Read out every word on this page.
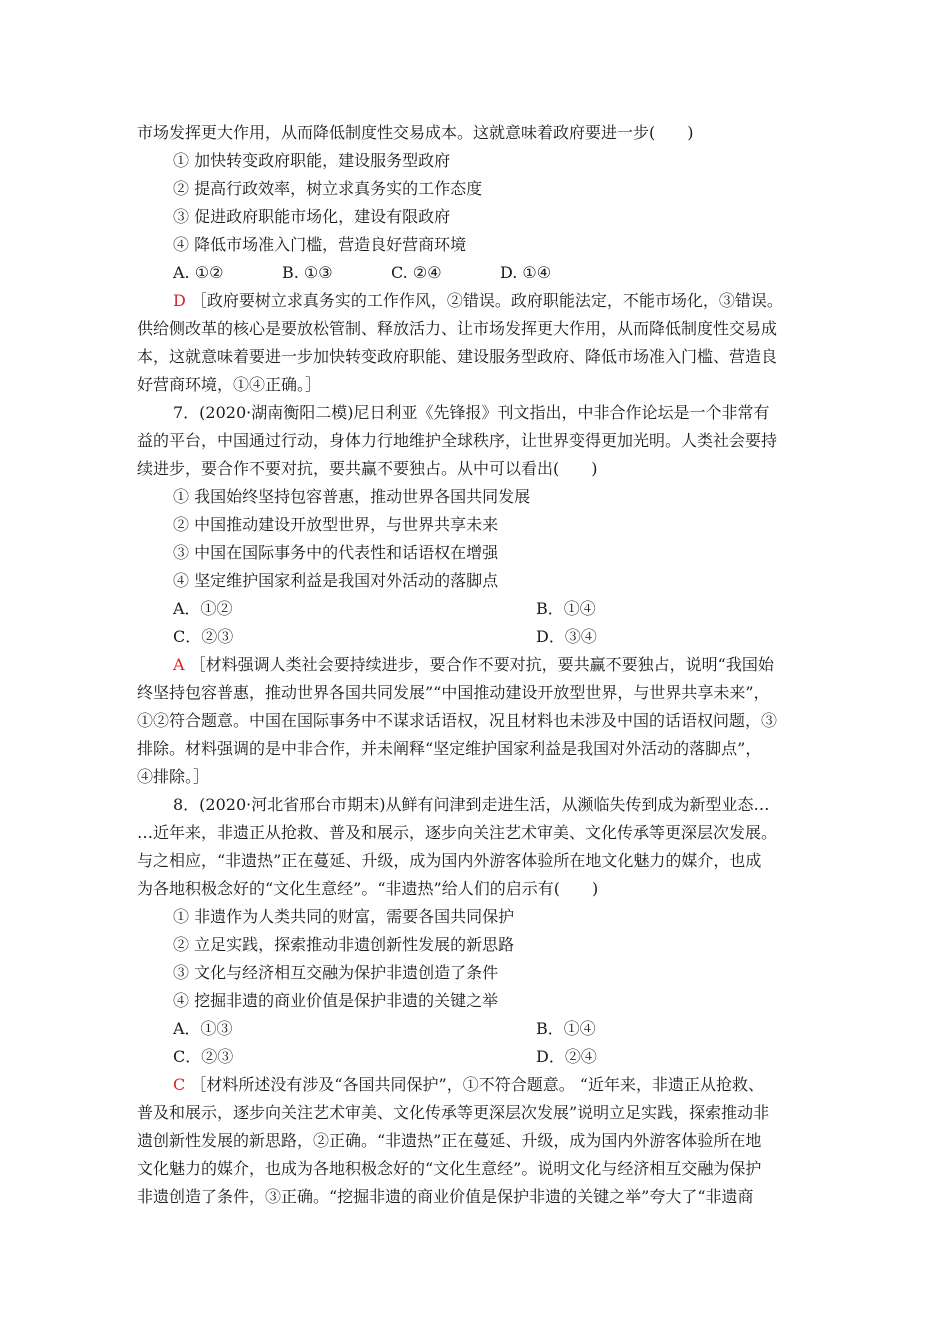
市场发挥更大作用，从而降低制度性交易成本。这就意味着政府要进一步(　　)
① 加快转变政府职能，建设服务型政府
② 提高行政效率，树立求真务实的工作态度
③ 促进政府职能市场化，建设有限政府
④ 降低市场准入门槛，营造良好营商环境
A. ①②	B. ①③	C. ②④	D. ①④
D ［政府要树立求真务实的工作作风，②错误。政府职能法定，不能市场化，③错误。
供给侧改革的核心是要放松管制、释放活力、让市场发挥更大作用，从而降低制度性交易成
本，这就意味着要进一步加快转变政府职能、建设服务型政府、降低市场准入门槛、营造良
好营商环境，①④正确。］
7．(2020·湖南衡阳二模)尼日利亚《先锋报》刊文指出，中非合作论坛是一个非常有
益的平台，中国通过行动，身体力行地维护全球秩序，让世界变得更加光明。人类社会要持
续进步，要合作不要对抗，要共赢不要独占。从中可以看出(　　)
① 我国始终坚持包容普惠，推动世界各国共同发展
② 中国推动建设开放型世界，与世界共享未来
③ 中国在国际事务中的代表性和话语权在增强
④ 坚定维护国家利益是我国对外活动的落脚点
A．①②	B．①④
C．②③	D．③④
A ［材料强调人类社会要持续进步，要合作不要对抗，要共赢不要独占，说明“我国始
终坚持包容普惠，推动世界各国共同发展”“中国推动建设开放型世界，与世界共享未来”，
①②符合题意。中国在国际事务中不谋求话语权，况且材料也未涉及中国的话语权问题，③
排除。材料强调的是中非合作，并未阐释“坚定维护国家利益是我国对外活动的落脚点”，
④排除。］
8．(2020·河北省邢台市期末)从鲜有问津到走进生活，从濒临失传到成为新型业态…
…近年来，非遗正从抢救、普及和展示，逐步向关注艺术审美、文化传承等更深层次发展。
与之相应，“非遗热”正在蔓延、升级，成为国内外游客体验所在地文化魅力的媒介，也成
为各地积极念好的“文化生意经”。“非遗热”给人们的启示有(　　)
① 非遗作为人类共同的财富，需要各国共同保护
② 立足实践，探索推动非遗创新性发展的新思路
③ 文化与经济相互交融为保护非遗创造了条件
④ 挖掘非遗的商业价值是保护非遗的关键之举
A．①③	B．①④
C．②③	D．②④
C ［材料所述没有涉及“各国共同保护”，①不符合题意。 “近年来，非遗正从抢救、
普及和展示，逐步向关注艺术审美、文化传承等更深层次发展”说明立足实践，探索推动非
遗创新性发展的新思路，②正确。“非遗热”正在蔓延、升级，成为国内外游客体验所在地
文化魅力的媒介，也成为各地积极念好的“文化生意经”。说明文化与经济相互交融为保护
非遗创造了条件，③正确。“挖掘非遗的商业价值是保护非遗的关键之举”夸大了“非遗商
